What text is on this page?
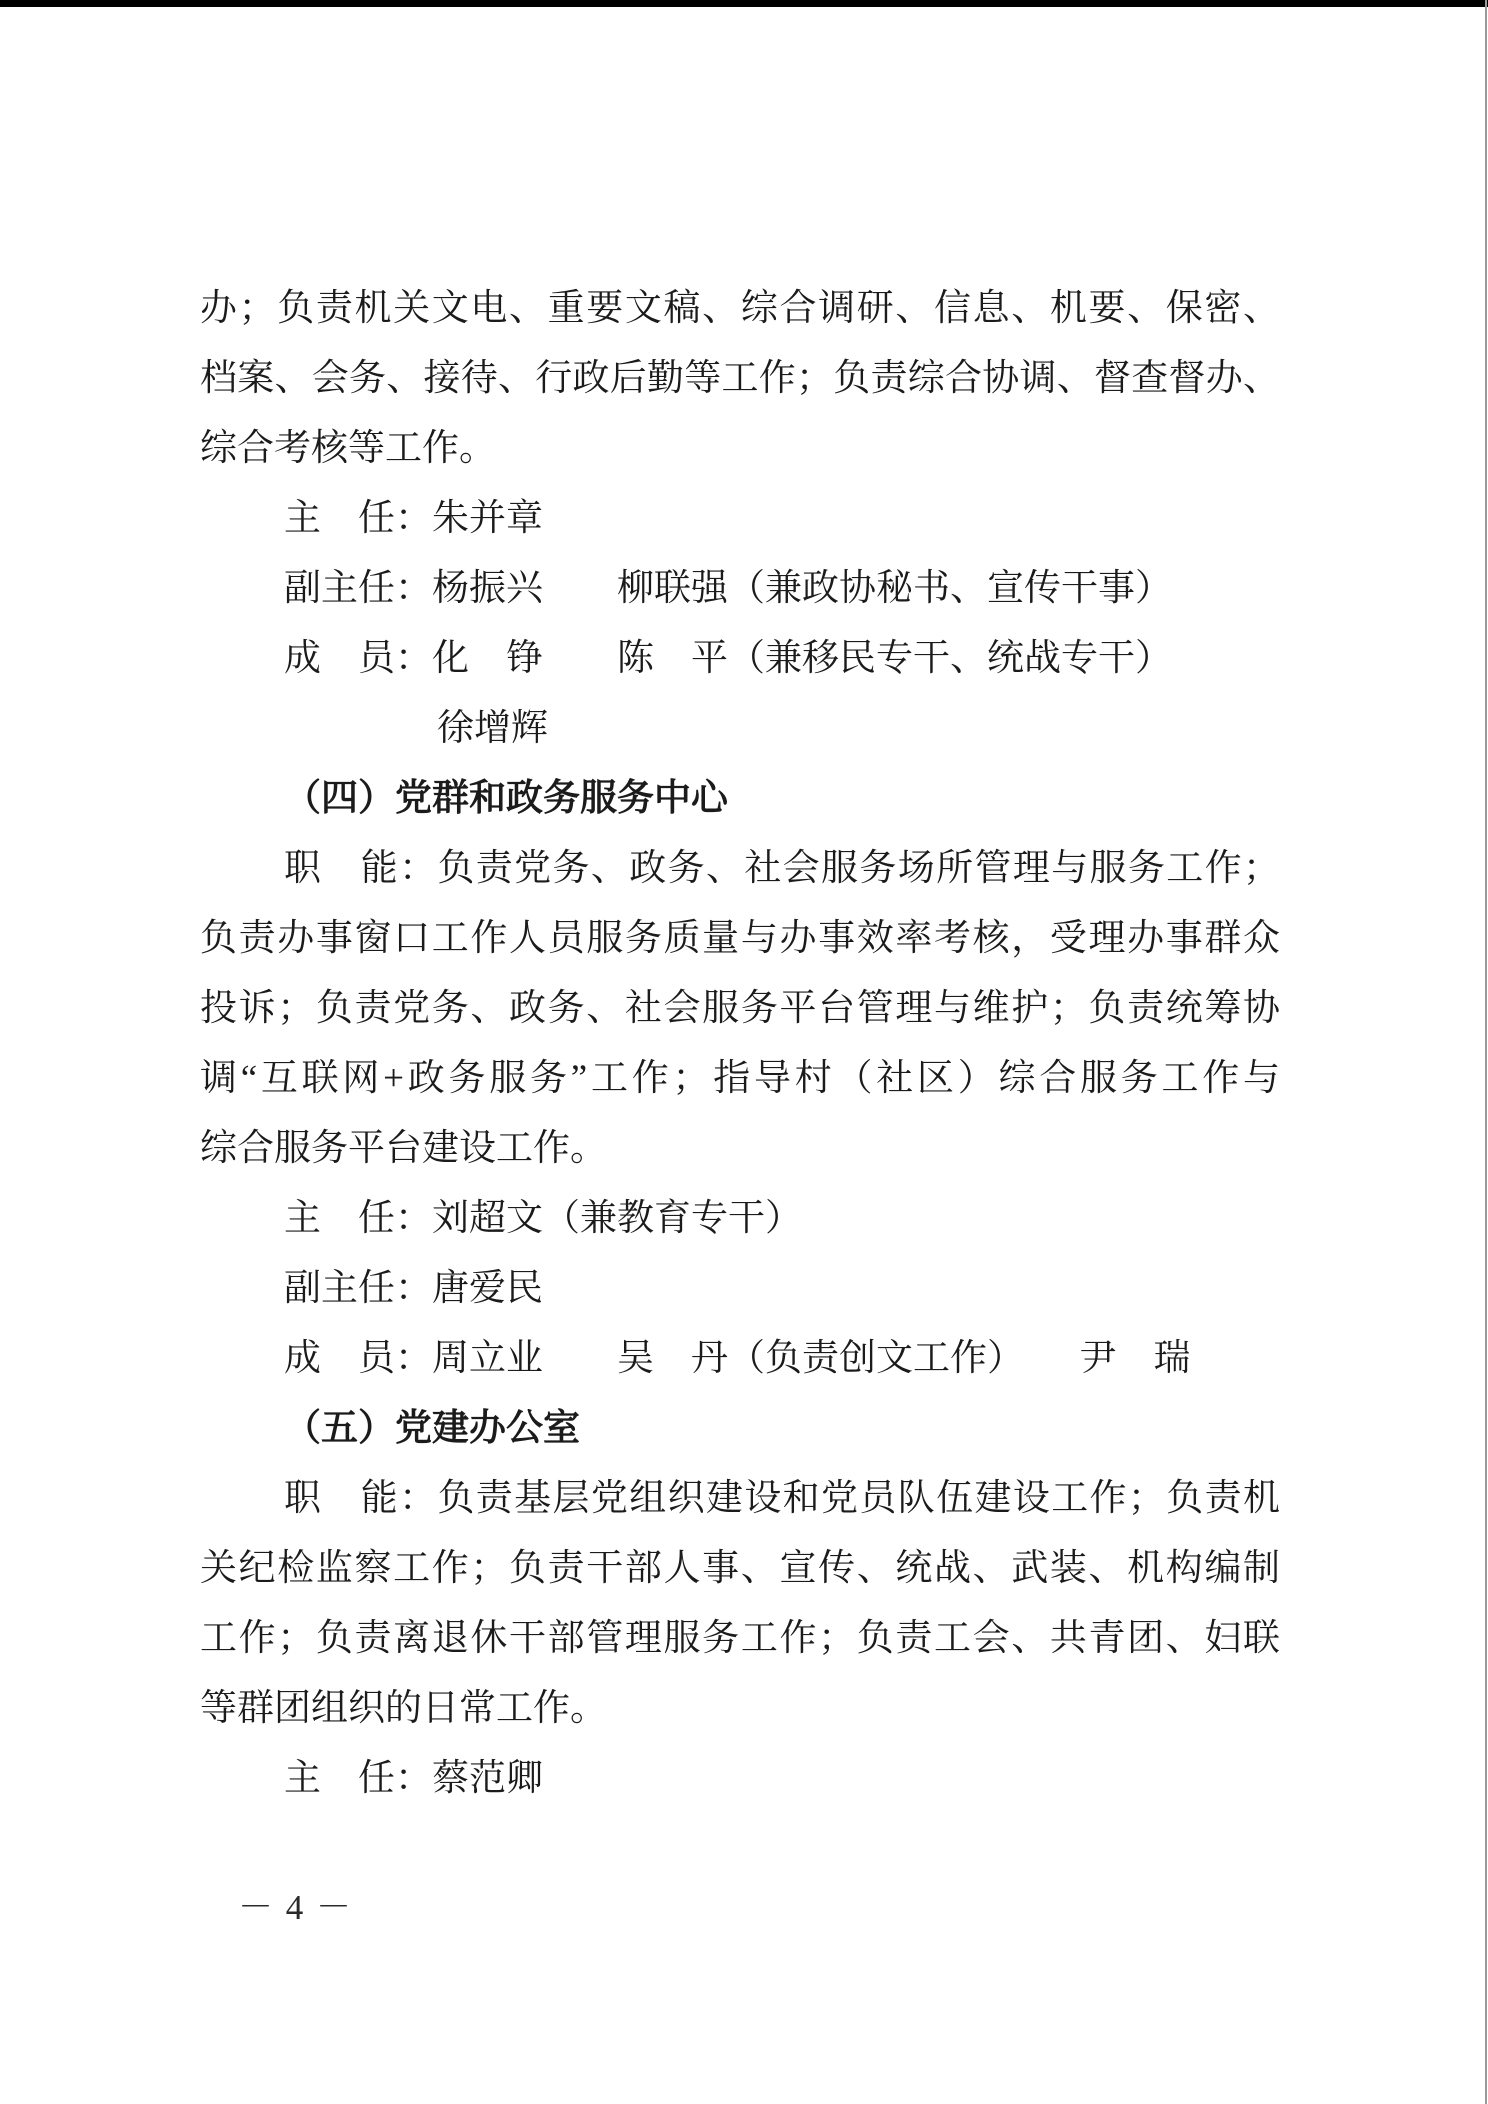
办；负责机关文电、重要文稿、综合调研、信息、机要、保密、
档案、会务、接待、行政后勤等工作；负责综合协调、督查督办、
综合考核等工作。
主　任：朱并章
副主任：杨振兴　　柳联强（兼政协秘书、宣传干事）
成　员：化　铮　　陈　平（兼移民专干、统战专干）
徐增辉
（四）党群和政务服务中心
职　能：负责党务、政务、社会服务场所管理与服务工作；
负责办事窗口工作人员服务质量与办事效率考核，受理办事群众
投诉；负责党务、政务、社会服务平台管理与维护；负责统筹协
调“互联网+政务服务”工作；指导村（社区）综合服务工作与
综合服务平台建设工作。
主　任：刘超文（兼教育专干）
副主任：唐爱民
成　员：周立业　　吴　丹（负责创文工作）　　尹　瑞
（五）党建办公室
职　能：负责基层党组织建设和党员队伍建设工作；负责机
关纪检监察工作；负责干部人事、宣传、统战、武装、机构编制
工作；负责离退休干部管理服务工作；负责工会、共青团、妇联
等群团组织的日常工作。
主　任：蔡范卿
－ 4 －
